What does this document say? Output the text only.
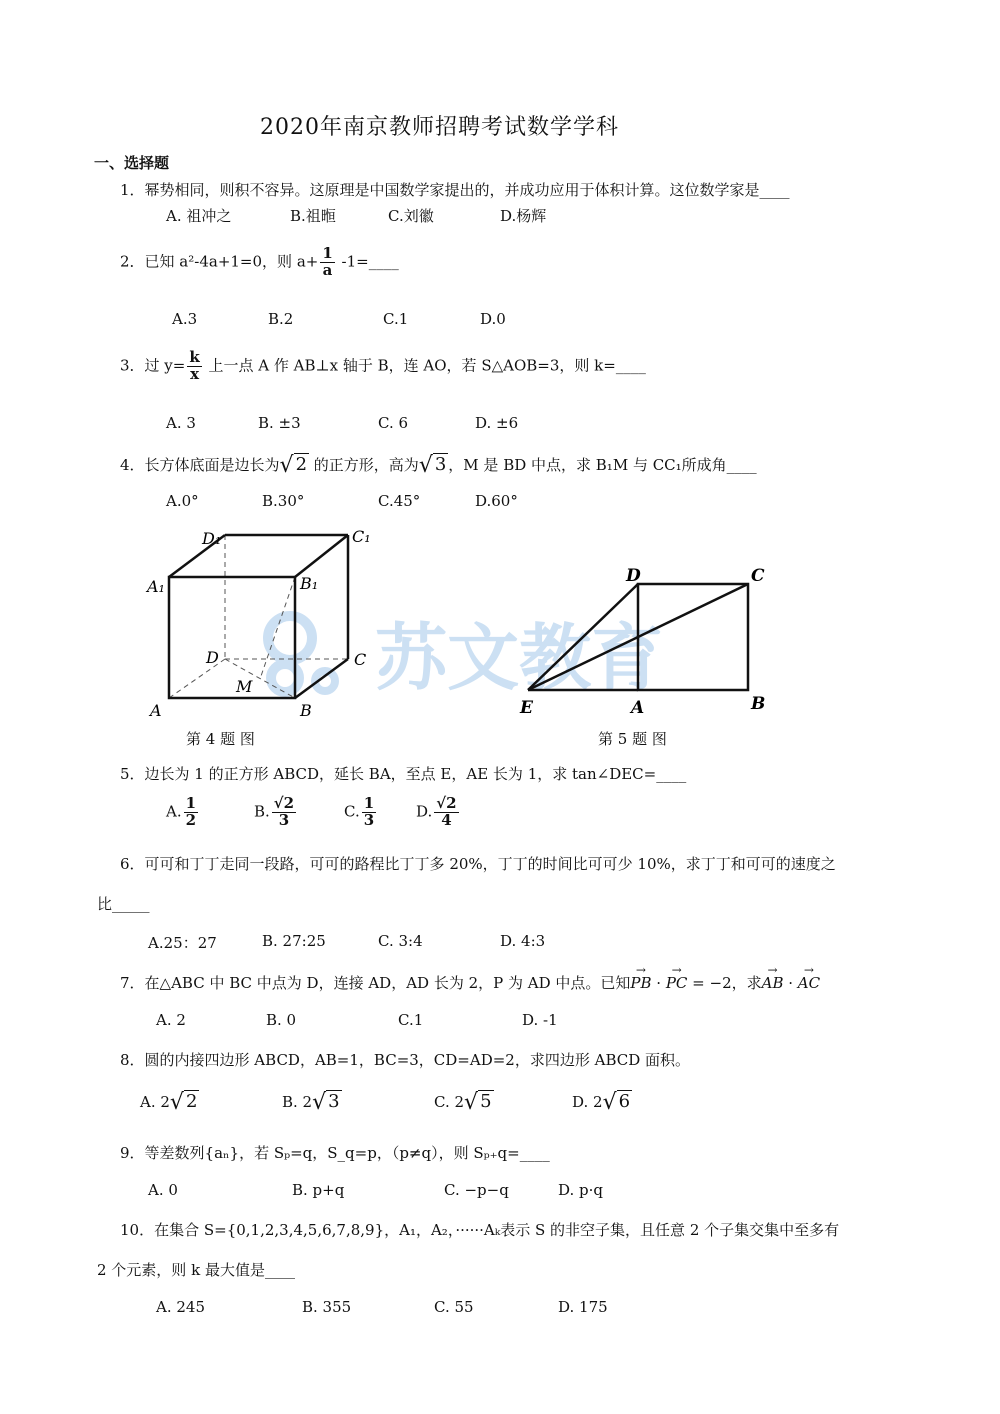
2020年南京教师招聘考试数学学科
一、选择题
1．幂势相同，则积不容异。这原理是中国数学家提出的，并成功应用于体积计算。这位数学家是____
A. 祖冲之	B.祖暅	C.刘徽	D.杨辉
2．已知 a²-4a+1=0，则 $a+ \frac{1}{a}$ -1=____
A.3	B.2	C.1	D.0
3．过 $y= \frac{k}{x}$ 上一点 A 作 AB⊥x 轴于 B，连 AO，若 S△AOB=3，则 k=____
A. 3	B. ±3	C. 6	D. ±6
4．长方体底面是边长为√ 2 的正方形，高为√ 3 ，M 是 BD 中点，求 B₁M 与 CC₁所成角____
A.0°	B.30°	C.45°	D.60°
苏文教育
D₁	C₁
A₁	B₁
D	C
M
A	B
第 4 题 图
D	C
E	A	B
第 5 题 图
5．边长为 1 的正方形 ABCD，延长 BA，至点 E，AE 长为 1，求 tan∠DEC=____
A. $\frac{1}{2}$	B. $\frac{√2}{3}$	C. $\frac{1}{3}$	D. $\frac{√2}{4}$
6．可可和丁丁走同一段路，可可的路程比丁丁多 20%，丁丁的时间比可可少 10%，求丁丁和可可的速度之
比_____
A.25：27	B. 27:25	C. 3:4	D. 4:3
7．在△ABC 中 BC 中点为 D，连接 AD，AD 长为 2，P 为 AD 中点。已知→ PB · → PC = −2，求→ AB · → AC
A. 2	B. 0	C.1	D. -1
8．圆的内接四边形 ABCD，AB=1，BC=3，CD=AD=2，求四边形 ABCD 面积。
A. 2√ 2	B. 2√ 3	C. 2√ 5	D. 2√ 6
9．等差数列{aₙ}，若 Sₚ=q，S_q=p，（p≠q），则 Sₚ₊q=____
A. 0	B. p+q	C. −p−q	D. p·q
10．在集合 S={0,1,2,3,4,5,6,7,8,9}，A₁，A₂，······Aₖ表示 S 的非空子集，且任意 2 个子集交集中至多有
2 个元素，则 k 最大值是____
A. 245	B. 355	C. 55	D. 175
